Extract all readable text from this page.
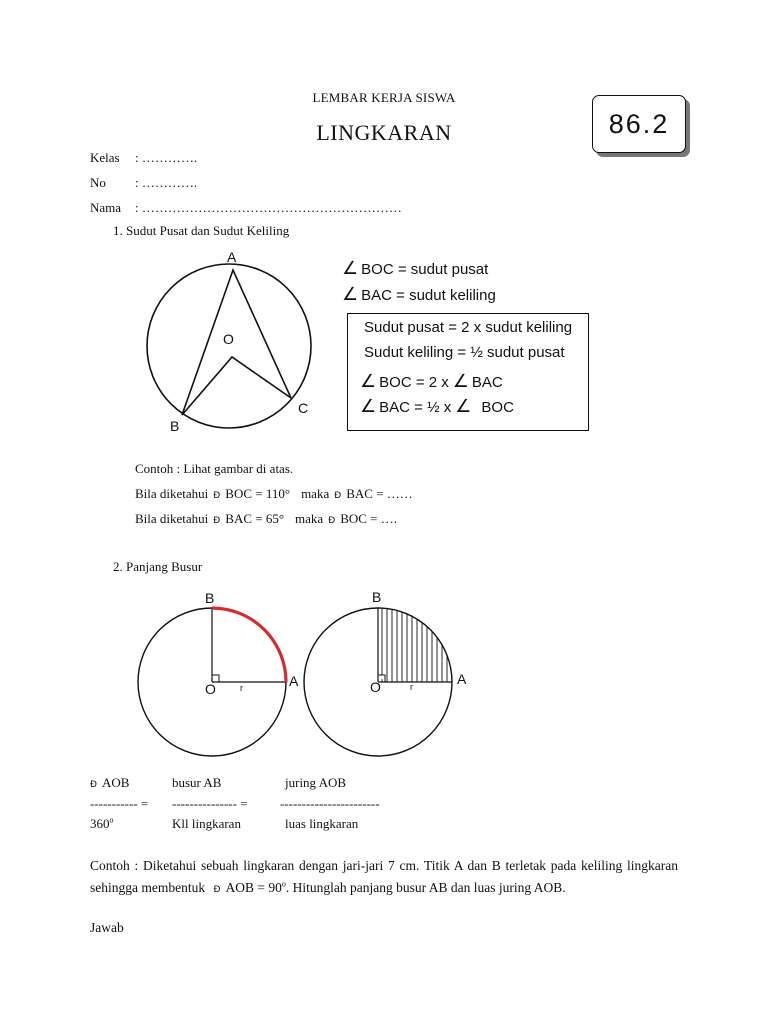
LEMBAR KERJA SISWA
LINGKARAN	86.2
Kelas : ………….
No : ………….
Nama : ……………………………………………………
1. Sudut Pusat dan Sudut Keliling
A
O
B
C
∠ BOC = sudut pusat
∠ BAC = sudut keliling
Sudut pusat = 2 x sudut keliling
Sudut keliling = ½ sudut pusat
∠ BOC = 2 x ∠ BAC
∠ BAC = ½ x ∠ BOC
Contoh : Lihat gambar di atas.
Bila diketahui Ð BOC = 110° maka Ð BAC = ……
Bila diketahui Ð BAC = 65° maka Ð BOC = ….
2. Panjang Busur
B
O	A
r
B
O	A
r
Ð AOB	busur AB	juring AOB
----------- = --------------- = -----------------------
360$^o$	Kll lingkaran	luas lingkaran
Contoh : Diketahui sebuah lingkaran dengan jari-jari 7 cm. Titik A dan B terletak pada keliling lingkaran sehingga membentuk Ð AOB = $90^o$. Hitunglah panjang busur AB dan luas juring AOB.
Jawab
